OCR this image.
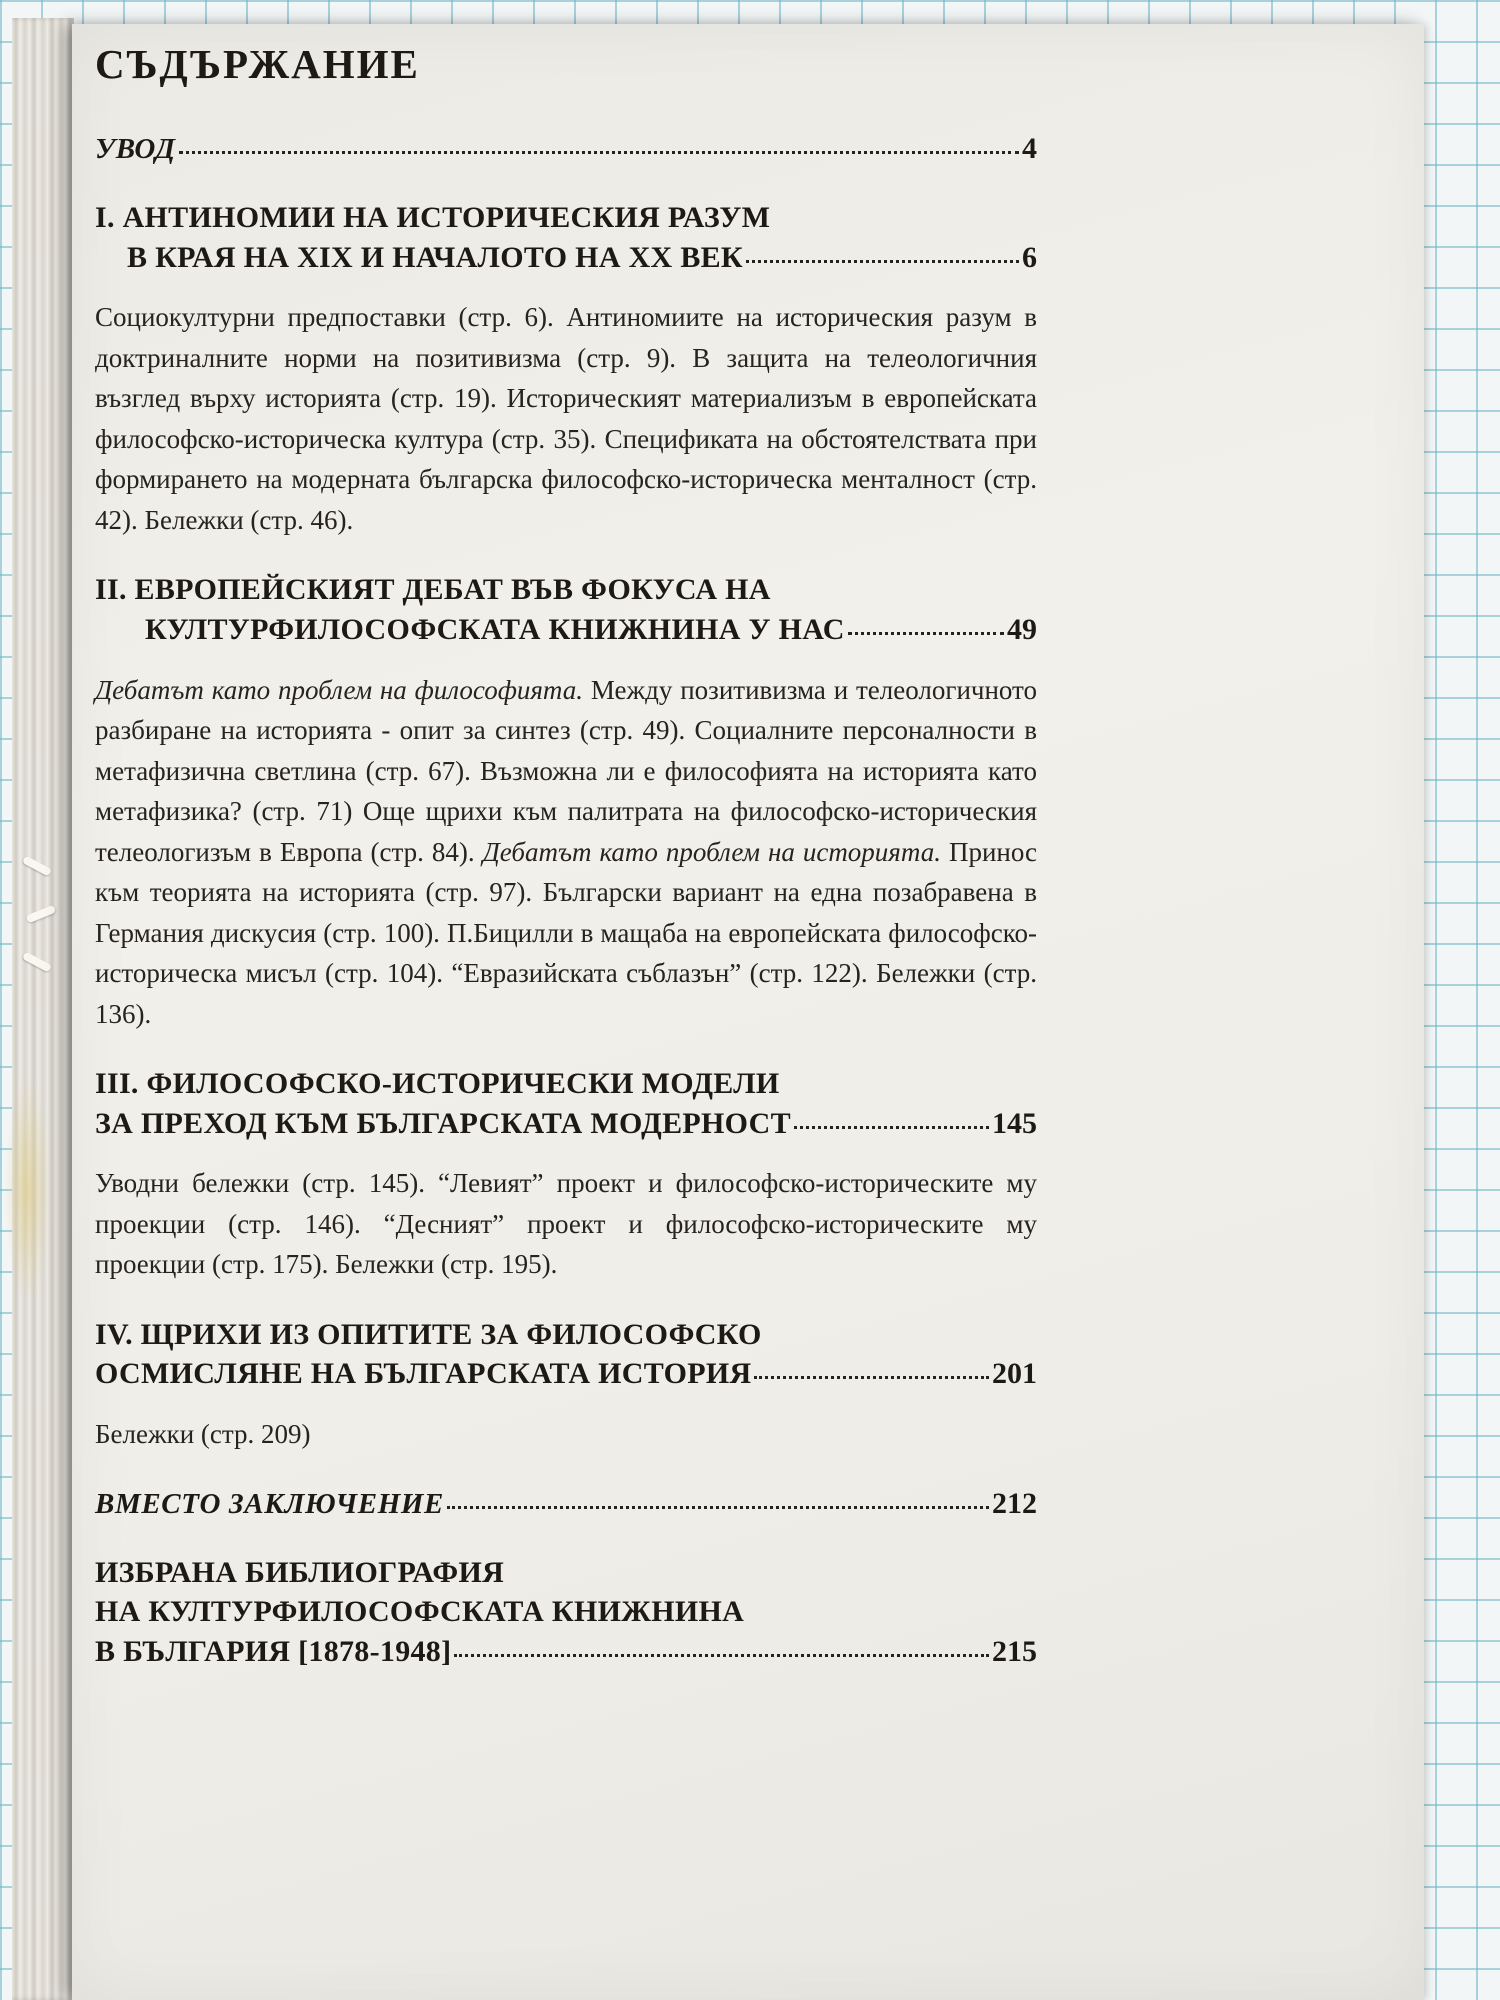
СЪДЪРЖАНИЕ
УВОД	4
I. АНТИНОМИИ НА ИСТОРИЧЕСКИЯ РАЗУМ
В КРАЯ НА XIX И НАЧАЛОТО НА XX ВЕК	6

Социокултурни предпоставки (стр. 6). Антиномиите на историческия разум в доктриналните норми на позитивизма (стр. 9). В защита на телеологичния възглед върху историята (стр. 19). Историческият материализъм в европейската философско-историческа култура (стр. 35). Спецификата на обстоятелствата при формирането на модерната българска философско-историческа менталност (стр. 42). Бележки (стр. 46).

II. ЕВРОПЕЙСКИЯТ ДЕБАТ ВЪВ ФОКУСА НА
КУЛТУРФИЛОСОФСКАТА КНИЖНИНА У НАС	49

Дебатът като проблем на философията. Между позитивизма и телеологичното разбиране на историята - опит за синтез (стр. 49). Социалните персоналности в метафизична светлина (стр. 67). Възможна ли е философията на историята като метафизика? (стр. 71) Още щрихи към палитрата на философско-историческия телеологизъм в Европа (стр. 84). Дебатът като проблем на историята. Принос към теорията на историята (стр. 97). Български вариант на една позабравена в Германия дискусия (стр. 100). П.Бицилли в мащаба на европейската философско-историческа мисъл (стр. 104). “Евразийската съблазън” (стр. 122). Бележки (стр. 136).

III. ФИЛОСОФСКО-ИСТОРИЧЕСКИ МОДЕЛИ
ЗА ПРЕХОД КЪМ БЪЛГАРСКАТА МОДЕРНОСТ	145

Уводни бележки (стр. 145). “Левият” проект и философско-историческите му проекции (стр. 146). “Десният” проект и философско-историческите му проекции (стр. 175). Бележки (стр. 195).

IV. ЩРИХИ ИЗ ОПИТИТЕ ЗА ФИЛОСОФСКО
ОСМИСЛЯНЕ НА БЪЛГАРСКАТА ИСТОРИЯ	201

Бележки (стр. 209)

ВМЕСТО ЗАКЛЮЧЕНИЕ	212
ИЗБРАНА БИБЛИОГРАФИЯ
НА КУЛТУРФИЛОСОФСКАТА КНИЖНИНА
В БЪЛГАРИЯ [1878-1948]	215
